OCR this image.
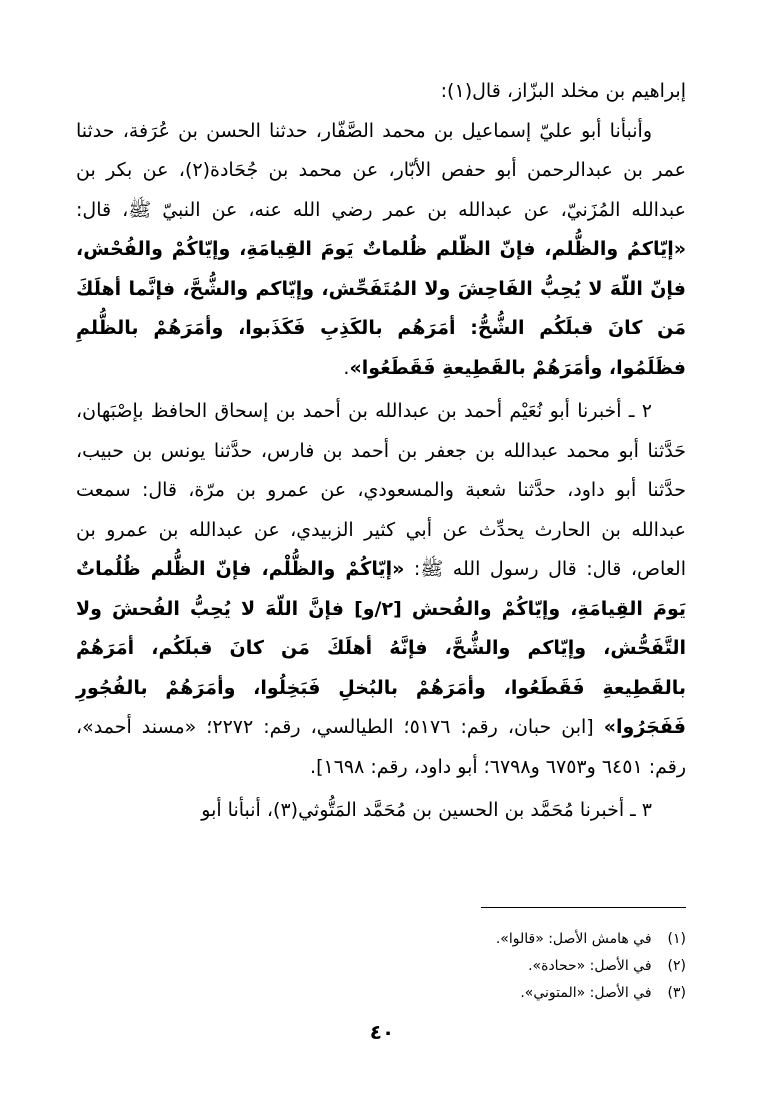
إبراهيم بن مخلد البزّاز، قال(١):

وأنبأنا أبو عليّ إسماعيل بن محمد الصَّفّار، حدثنا الحسن بن عُرَفة، حدثنا عمر بن عبدالرحمن أبو حفص الأبّار، عن محمد بن جُحَادة(٢)، عن بكر بن عبدالله المُزَنيّ، عن عبدالله بن عمر رضي الله عنه، عن النبيّ ﷺ، قال: «إيّاكمُ والظُّلم، فإنّ الظّلم ظُلماتٌ يَومَ القِيامَةِ، وإيّاكُمْ والفُحْش، فإنّ اللّهَ لا يُحِبُّ الفَاحِشَ ولا المُتَفَحِّش، وإيّاكم والشُّحَّ، فإنَّما أهلَكَ مَن كانَ قبلَكُم الشُّحُّ: أمَرَهُم بالكَذِبِ فَكَذَبوا، وأمَرَهُمْ بالظُّلمِ فظَلَمُوا، وأمَرَهُمْ بالقَطِيعةِ فَقَطَعُوا».

٢ ـ أخبرنا أبو نُعَيْم أحمد بن عبدالله بن أحمد بن إسحاق الحافظ بإصْبَهان، حَدَّثنا أبو محمد عبدالله بن جعفر بن أحمد بن فارس، حدَّثنا يونس بن حبيب، حدَّثنا أبو داود، حدَّثنا شعبة والمسعودي، عن عمرو بن مرّة، قال: سمعت عبدالله بن الحارث يحدِّث عن أبي كثير الزبيدي، عن عبدالله بن عمرو بن العاص، قال: قال رسول الله ﷺ: «إيّاكُمْ والظُّلْم، فإنّ الظُّلم ظُلُماتٌ يَومَ القِيامَةِ، وإيّاكُمْ والفُحش [٢/و] فإنَّ اللّهَ لا يُحِبُّ الفُحشَ ولا التَّفَحُّش، وإيّاكم والشُّحَّ، فإنَّهُ أهلَكَ مَن كانَ قبلَكُم، أمَرَهُمْ بالقَطِيعةِ فَقَطَعُوا، وأمَرَهُمْ بالبُخلِ فَبَخِلُوا، وأمَرَهُمْ بالفُجُورِ فَفَجَرُوا» [ابن حبان، رقم: ٥١٧٦؛ الطيالسي، رقم: ٢٢٧٢؛ «مسند أحمد»، رقم: ٦٤٥١ و٦٧٥٣ و٦٧٩٨؛ أبو داود، رقم: ١٦٩٨].

٣ ـ أخبرنا مُحَمَّد بن الحسين بن مُحَمَّد المَتُّوثي(٣)، أنبأنا أبو

(١) في هامش الأصل: «قالوا».

(٢) في الأصل: «ححادة».

(٣) في الأصل: «المتوني».

٤٠
